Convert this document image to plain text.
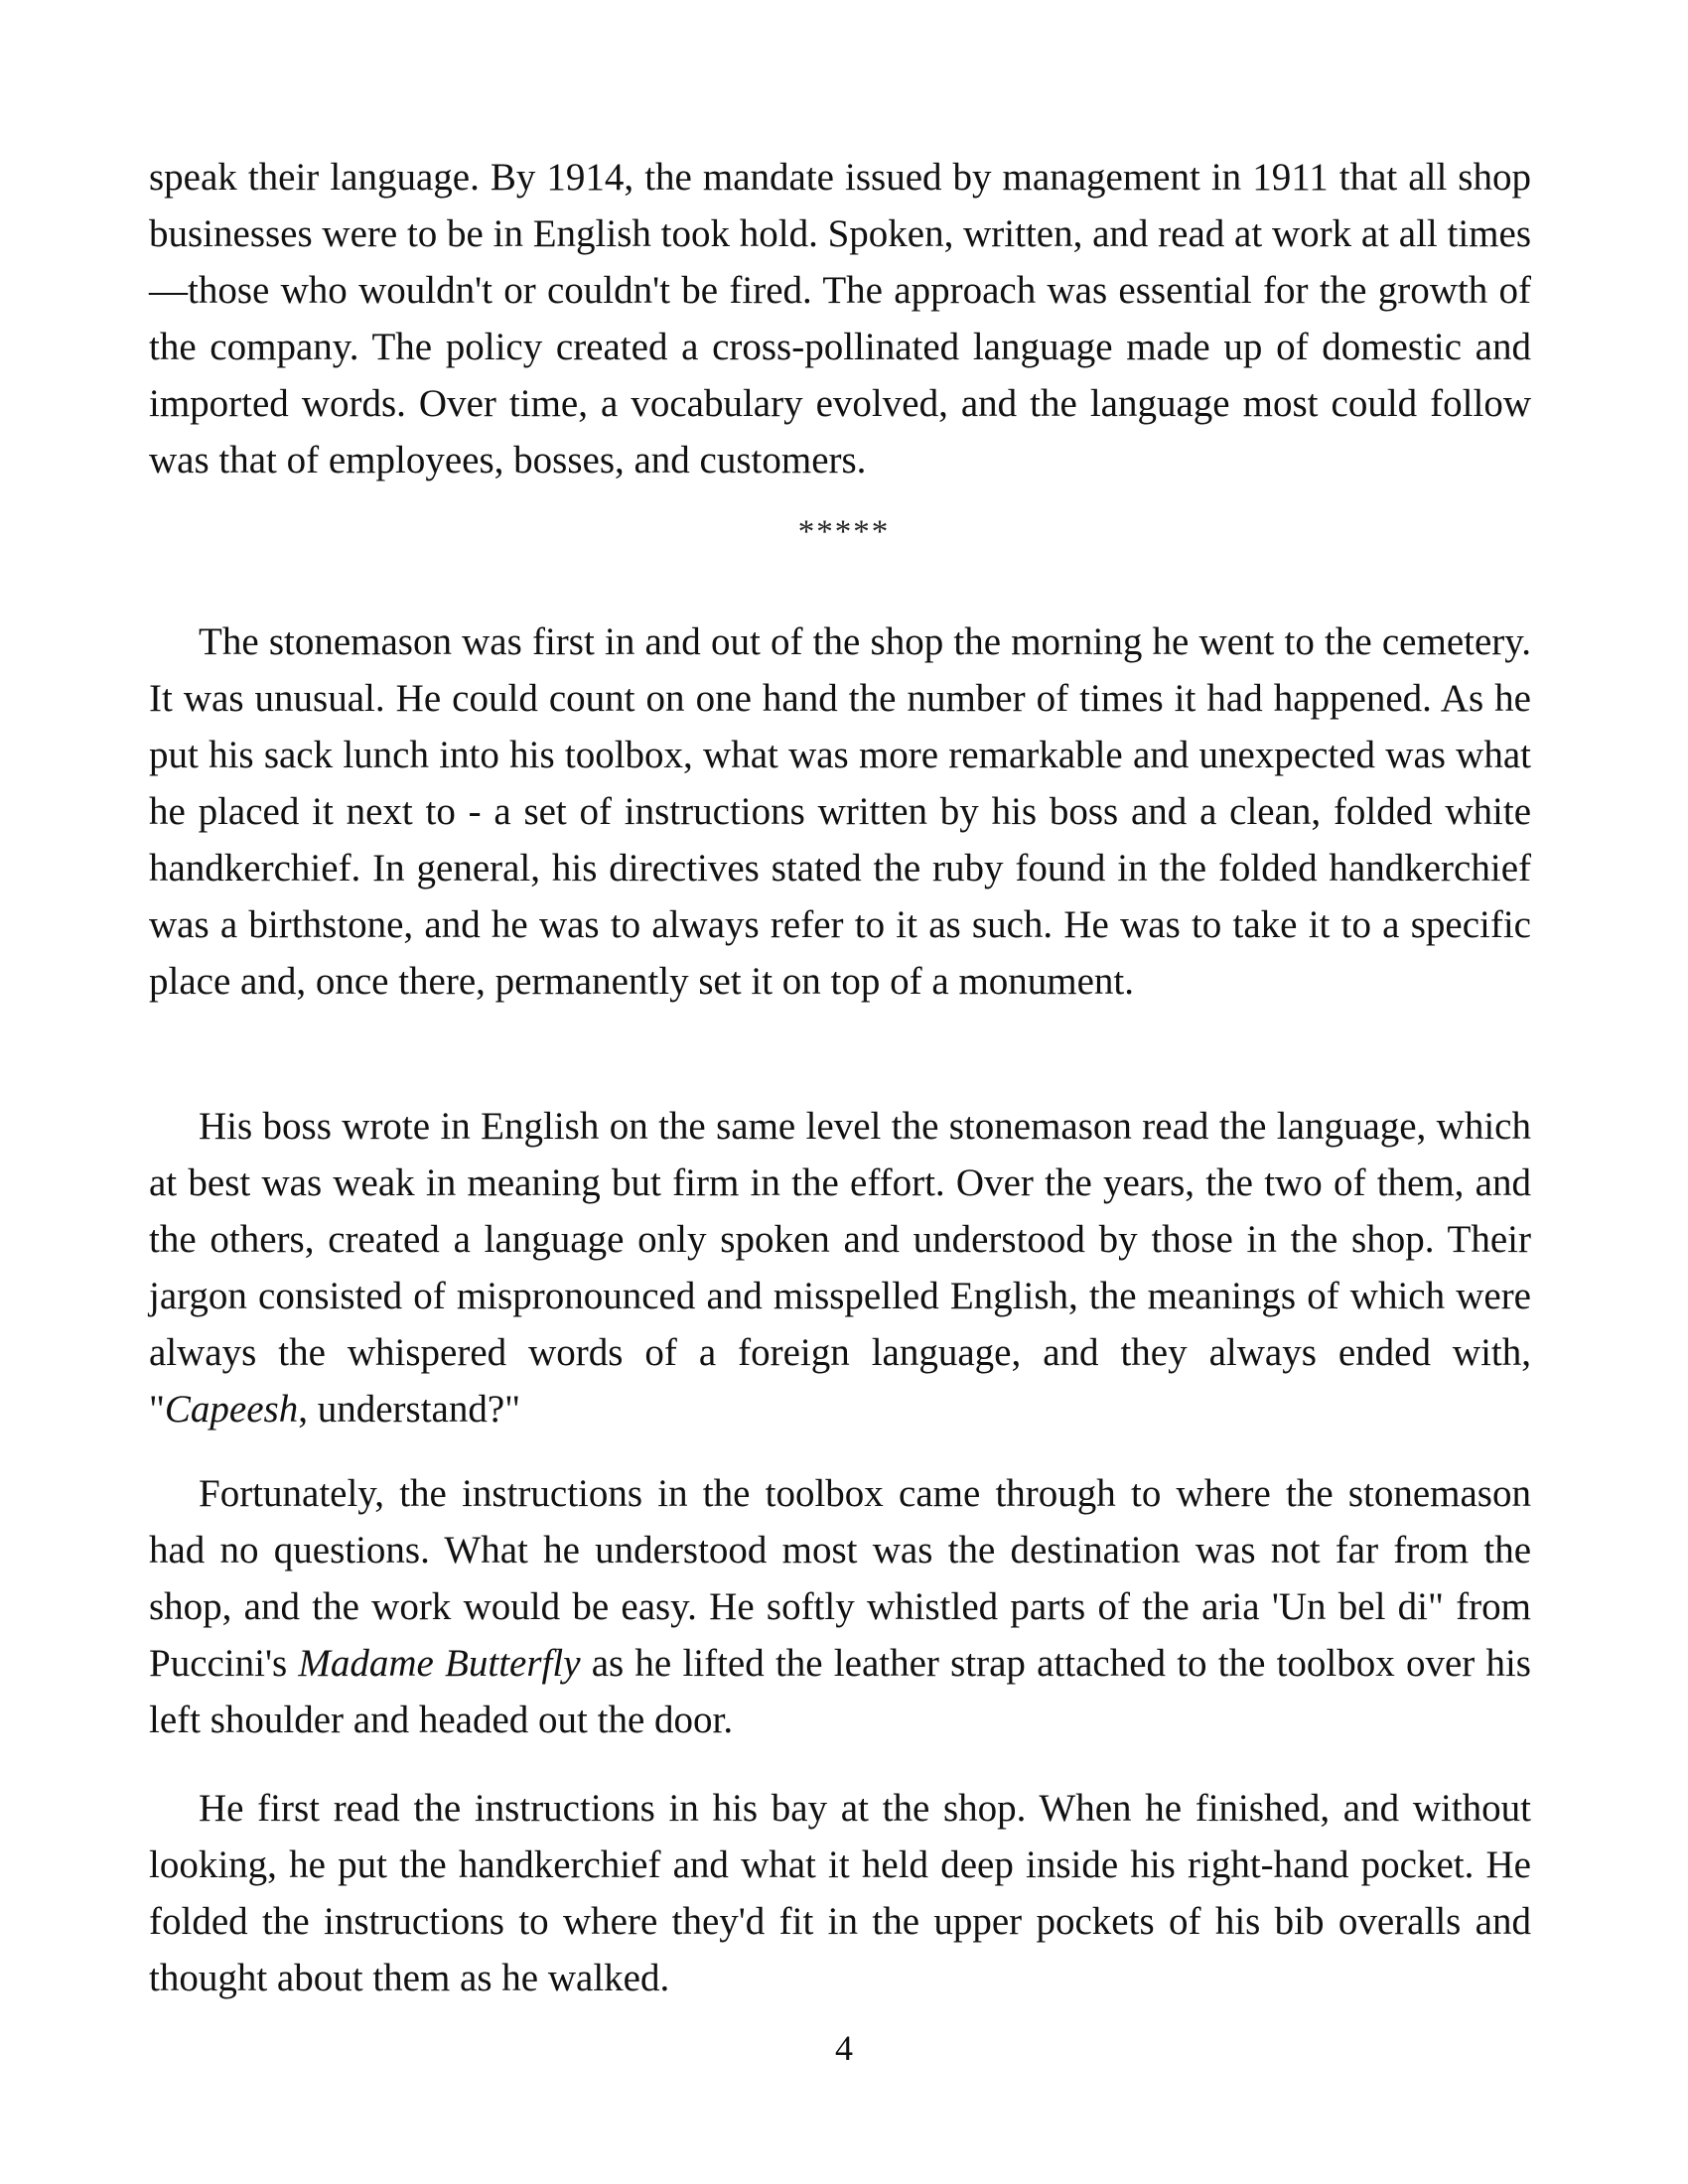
speak their language. By 1914, the mandate issued by management in 1911 that all shop businesses were to be in English took hold. Spoken, written, and read at work at all times—those who wouldn't or couldn't be fired. The approach was essential for the growth of the company. The policy created a cross-pollinated language made up of domestic and imported words. Over time, a vocabulary evolved, and the language most could follow was that of employees, bosses, and customers.

*****

The stonemason was first in and out of the shop the morning he went to the cemetery. It was unusual. He could count on one hand the number of times it had happened. As he put his sack lunch into his toolbox, what was more remarkable and unexpected was what he placed it next to - a set of instructions written by his boss and a clean, folded white handkerchief. In general, his directives stated the ruby found in the folded handkerchief was a birthstone, and he was to always refer to it as such. He was to take it to a specific place and, once there, permanently set it on top of a monument.

His boss wrote in English on the same level the stonemason read the language, which at best was weak in meaning but firm in the effort. Over the years, the two of them, and the others, created a language only spoken and understood by those in the shop. Their jargon consisted of mispronounced and misspelled English, the meanings of which were always the whispered words of a foreign language, and they always ended with, "Capeesh, understand?"

Fortunately, the instructions in the toolbox came through to where the stonemason had no questions. What he understood most was the destination was not far from the shop, and the work would be easy. He softly whistled parts of the aria 'Un bel di" from Puccini's Madame Butterfly as he lifted the leather strap attached to the toolbox over his left shoulder and headed out the door.

He first read the instructions in his bay at the shop. When he finished, and without looking, he put the handkerchief and what it held deep inside his right-hand pocket. He folded the instructions to where they'd fit in the upper pockets of his bib overalls and thought about them as he walked.

4
